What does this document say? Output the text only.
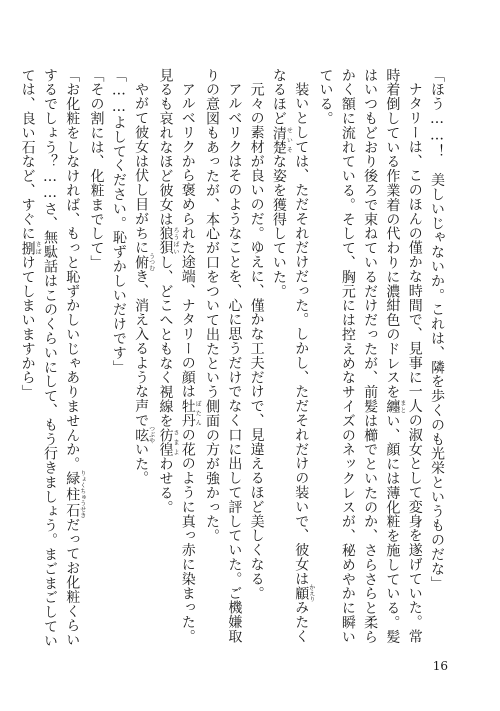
「ほう……！　美しいじゃないか。これは、隣を歩くのも光栄というものだな」

ナタリーは、このほんの僅かな時間で、見事に一人の淑女として変身を遂げていた。常時着倒している作業着の代わりに濃紺色のドレスを纏まとい、顔には薄化粧を施している。髪はいつもどおり後ろで束ねているだけだったが、前髪は櫛でといたのか、さらさらと柔らかく額に流れている。そして、胸元には控えめなサイズのネックレスが、秘めやかに瞬いている。

装いとしては、ただそれだけだった。しかし、ただそれだけの装いで、彼女は顧かえりみたくなるほど清楚せいそな姿を獲得していた。

元々の素材が良いのだ。ゆえに、僅かな工夫だけで、見違えるほど美しくなる。

アルベリクはそのようなことを、心に思うだけでなく口に出して評していた。ご機嫌取りの意図もあったが、本心が口をついて出たという側面の方が強かった。

アルベリクから褒められた途端、ナタリーの顔は牡丹ぼたんの花のように真っ赤に染まった。見るも哀れなほど彼女は狼狽ろうばいし、どこへともなく視線を彷徨さまよわせる。

やがて彼女は伏し目がちに俯うつむき、消え入るような声で呟つぶやいた。

「……よしてください。恥ずかしいだけです」

「その割には、化粧までして」

「お化粧をしなければ、もっと恥ずかしいじゃありませんか。緑柱石りょくちゅうせきだってお化粧くらいするでしょう？……さ、無駄話はこのくらいにして、もう行きましょう。まごまごしていては、良い石など、すぐに捌さばけてしまいますから」

16
